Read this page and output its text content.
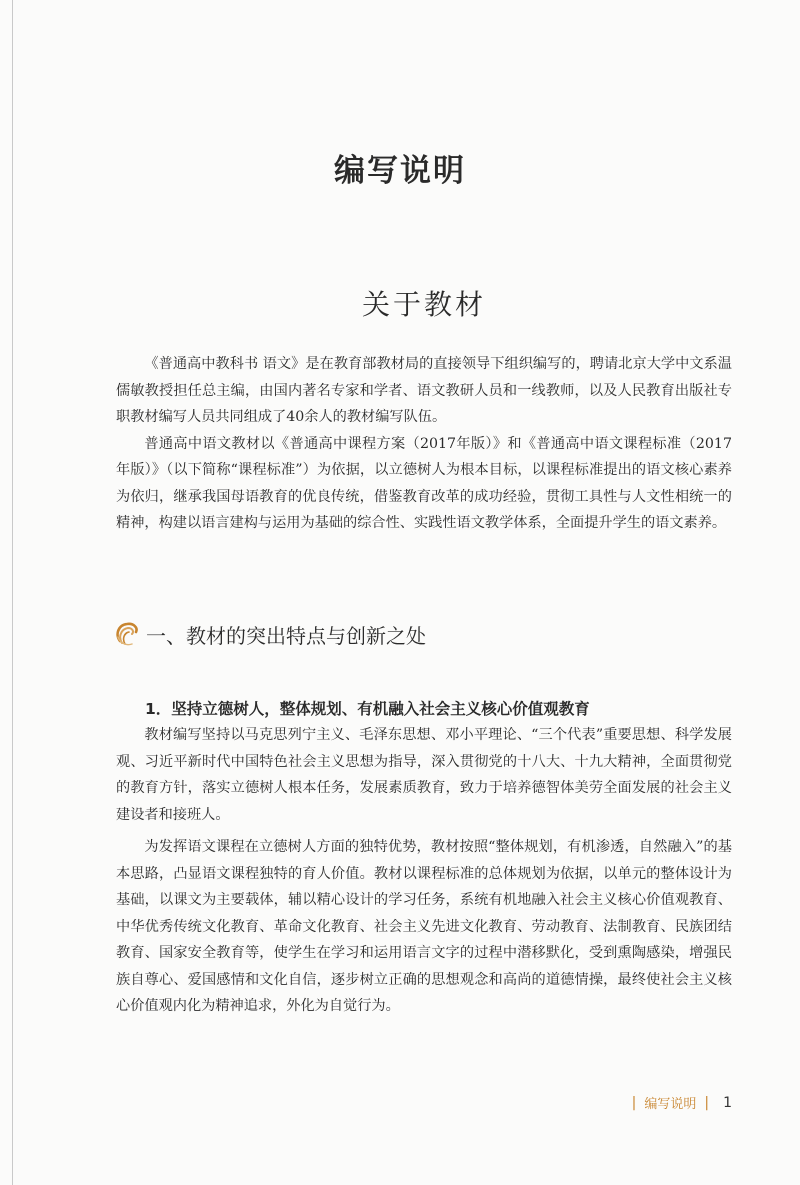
编写说明
关于教材

《普通高中教科书 语文》是在教育部教材局的直接领导下组织编写的，聘请北京大学中文系温儒敏教授担任总主编，由国内著名专家和学者、语文教研人员和一线教师，以及人民教育出版社专职教材编写人员共同组成了40余人的教材编写队伍。

普通高中语文教材以《普通高中课程方案（2017年版）》和《普通高中语文课程标准（2017年版）》（以下简称“课程标准”）为依据，以立德树人为根本目标，以课程标准提出的语文核心素养为依归，继承我国母语教育的优良传统，借鉴教育改革的成功经验，贯彻工具性与人文性相统一的精神，构建以语言建构与运用为基础的综合性、实践性语文教学体系，全面提升学生的语文素养。

一、教材的突出特点与创新之处
1．坚持立德树人，整体规划、有机融入社会主义核心价值观教育

教材编写坚持以马克思列宁主义、毛泽东思想、邓小平理论、“三个代表”重要思想、科学发展观、习近平新时代中国特色社会主义思想为指导，深入贯彻党的十八大、十九大精神，全面贯彻党的教育方针，落实立德树人根本任务，发展素质教育，致力于培养德智体美劳全面发展的社会主义建设者和接班人。

为发挥语文课程在立德树人方面的独特优势，教材按照“整体规划，有机渗透，自然融入”的基本思路，凸显语文课程独特的育人价值。教材以课程标准的总体规划为依据，以单元的整体设计为基础，以课文为主要载体，辅以精心设计的学习任务，系统有机地融入社会主义核心价值观教育、中华优秀传统文化教育、革命文化教育、社会主义先进文化教育、劳动教育、法制教育、民族团结教育、国家安全教育等，使学生在学习和运用语言文字的过程中潜移默化，受到熏陶感染，增强民族自尊心、爱国感情和文化自信，逐步树立正确的思想观念和高尚的道德情操，最终使社会主义核心价值观内化为精神追求，外化为自觉行为。

| 编写说明 | 1
